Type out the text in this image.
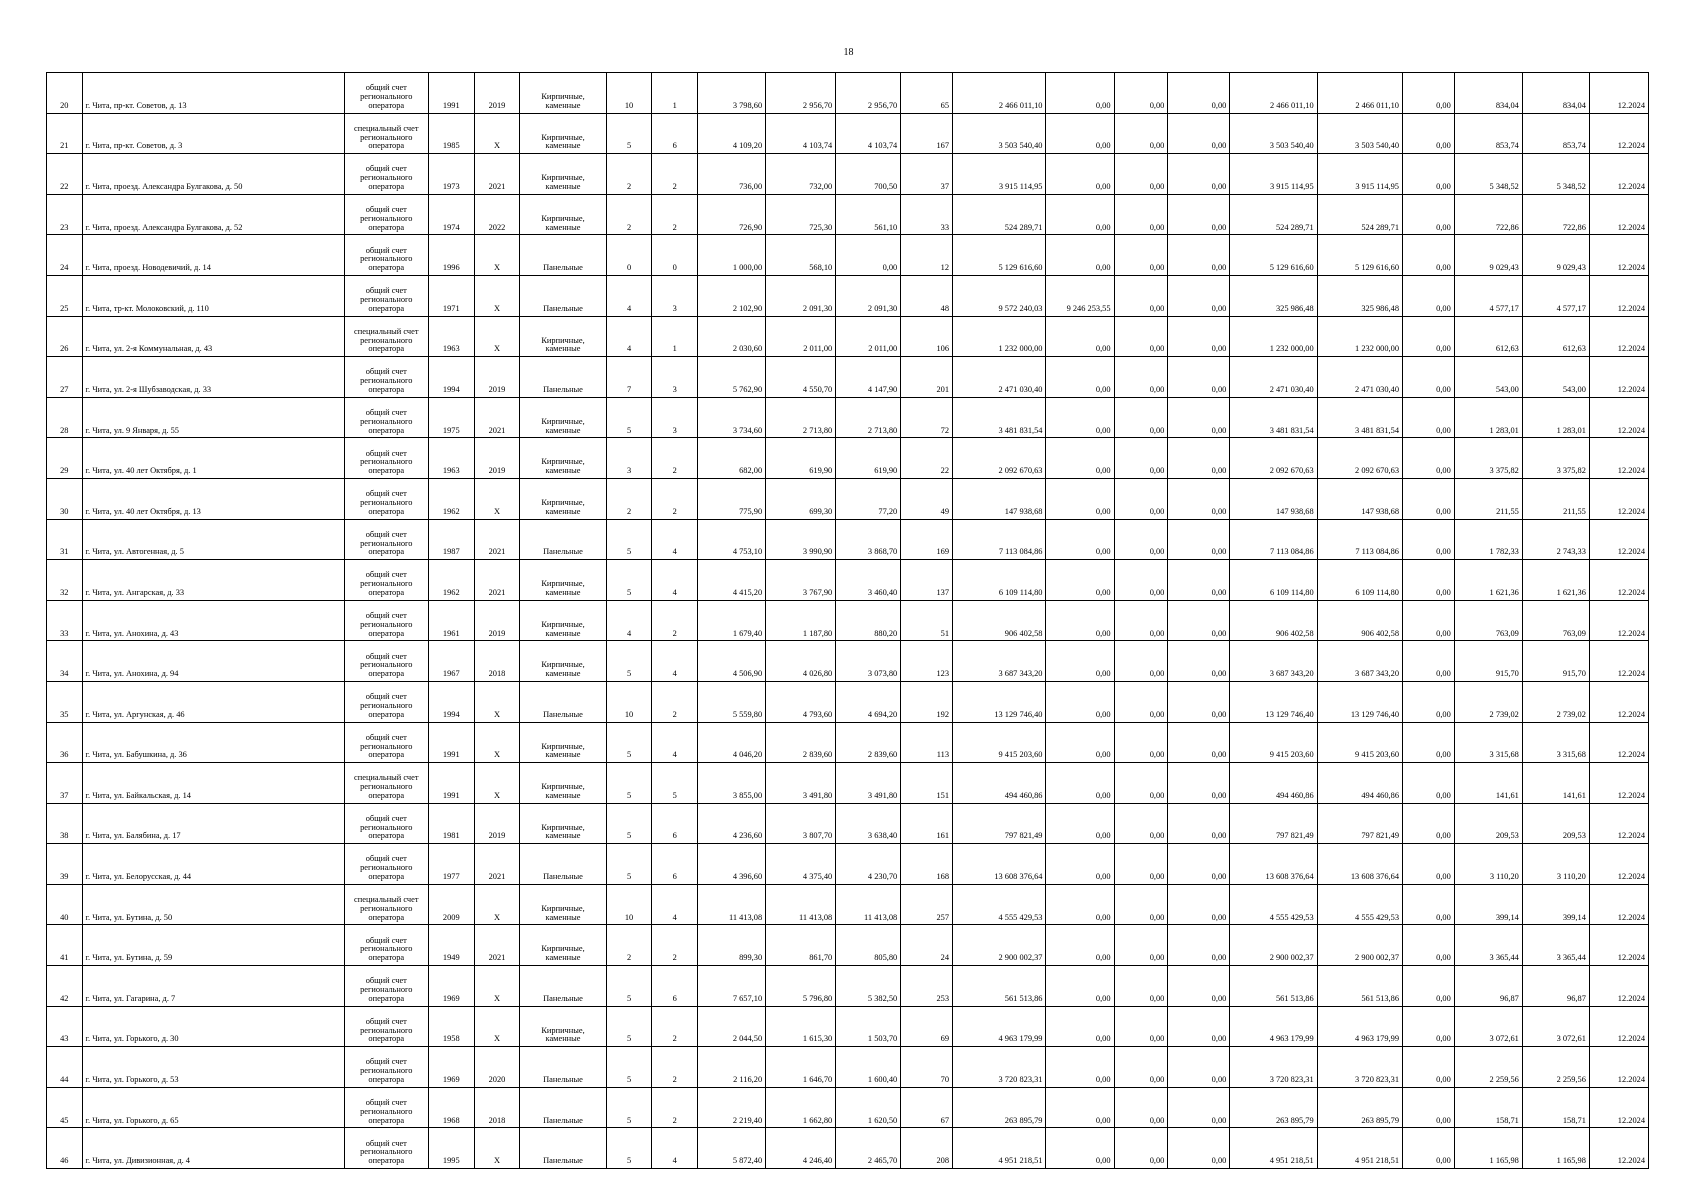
18
20	г. Чита, пр-кт. Советов, д. 13	общий счет
регионального
оператора	1991	2019	Кирпичные,
каменные	10	1	3 798,60	2 956,70	2 956,70	65	2 466 011,10	0,00	0,00	0,00	2 466 011,10	2 466 011,10	0,00	834,04	834,04	12.2024
21	г. Чита, пр-кт. Советов, д. 3	специальный счет
регионального
оператора	1985	Х	Кирпичные,
каменные	5	6	4 109,20	4 103,74	4 103,74	167	3 503 540,40	0,00	0,00	0,00	3 503 540,40	3 503 540,40	0,00	853,74	853,74	12.2024
22	г. Чита, проезд. Александра Булгакова, д. 50	общий счет
регионального
оператора	1973	2021	Кирпичные,
каменные	2	2	736,00	732,00	700,50	37	3 915 114,95	0,00	0,00	0,00	3 915 114,95	3 915 114,95	0,00	5 348,52	5 348,52	12.2024
23	г. Чита, проезд. Александра Булгакова, д. 52	общий счет
регионального
оператора	1974	2022	Кирпичные,
каменные	2	2	726,90	725,30	561,10	33	524 289,71	0,00	0,00	0,00	524 289,71	524 289,71	0,00	722,86	722,86	12.2024
24	г. Чита, проезд. Новодевичий, д. 14	общий счет
регионального
оператора	1996	Х	Панельные	0	0	1 000,00	568,10	0,00	12	5 129 616,60	0,00	0,00	0,00	5 129 616,60	5 129 616,60	0,00	9 029,43	9 029,43	12.2024
25	г. Чита, тр-кт. Молоковский, д. 110	общий счет
регионального
оператора	1971	Х	Панельные	4	3	2 102,90	2 091,30	2 091,30	48	9 572 240,03	9 246 253,55	0,00	0,00	325 986,48	325 986,48	0,00	4 577,17	4 577,17	12.2024
26	г. Чита, ул. 2-я Коммунальная, д. 43	специальный счет
регионального
оператора	1963	Х	Кирпичные,
каменные	4	1	2 030,60	2 011,00	2 011,00	106	1 232 000,00	0,00	0,00	0,00	1 232 000,00	1 232 000,00	0,00	612,63	612,63	12.2024
27	г. Чита, ул. 2-я Шубзаводская, д. 33	общий счет
регионального
оператора	1994	2019	Панельные	7	3	5 762,90	4 550,70	4 147,90	201	2 471 030,40	0,00	0,00	0,00	2 471 030,40	2 471 030,40	0,00	543,00	543,00	12.2024
28	г. Чита, ул. 9 Января, д. 55	общий счет
регионального
оператора	1975	2021	Кирпичные,
каменные	5	3	3 734,60	2 713,80	2 713,80	72	3 481 831,54	0,00	0,00	0,00	3 481 831,54	3 481 831,54	0,00	1 283,01	1 283,01	12.2024
29	г. Чита, ул. 40 лет Октября, д. 1	общий счет
регионального
оператора	1963	2019	Кирпичные,
каменные	3	2	682,00	619,90	619,90	22	2 092 670,63	0,00	0,00	0,00	2 092 670,63	2 092 670,63	0,00	3 375,82	3 375,82	12.2024
30	г. Чита, ул. 40 лет Октября, д. 13	общий счет
регионального
оператора	1962	Х	Кирпичные,
каменные	2	2	775,90	699,30	77,20	49	147 938,68	0,00	0,00	0,00	147 938,68	147 938,68	0,00	211,55	211,55	12.2024
31	г. Чита, ул. Автогенная, д. 5	общий счет
регионального
оператора	1987	2021	Панельные	5	4	4 753,10	3 990,90	3 868,70	169	7 113 084,86	0,00	0,00	0,00	7 113 084,86	7 113 084,86	0,00	1 782,33	2 743,33	12.2024
32	г. Чита, ул. Ангарская, д. 33	общий счет
регионального
оператора	1962	2021	Кирпичные,
каменные	5	4	4 415,20	3 767,90	3 460,40	137	6 109 114,80	0,00	0,00	0,00	6 109 114,80	6 109 114,80	0,00	1 621,36	1 621,36	12.2024
33	г. Чита, ул. Анохина, д. 43	общий счет
регионального
оператора	1961	2019	Кирпичные,
каменные	4	2	1 679,40	1 187,80	880,20	51	906 402,58	0,00	0,00	0,00	906 402,58	906 402,58	0,00	763,09	763,09	12.2024
34	г. Чита, ул. Анохина, д. 94	общий счет
регионального
оператора	1967	2018	Кирпичные,
каменные	5	4	4 506,90	4 026,80	3 073,80	123	3 687 343,20	0,00	0,00	0,00	3 687 343,20	3 687 343,20	0,00	915,70	915,70	12.2024
35	г. Чита, ул. Аргунская, д. 46	общий счет
регионального
оператора	1994	Х	Панельные	10	2	5 559,80	4 793,60	4 694,20	192	13 129 746,40	0,00	0,00	0,00	13 129 746,40	13 129 746,40	0,00	2 739,02	2 739,02	12.2024
36	г. Чита, ул. Бабушкина, д. 36	общий счет
регионального
оператора	1991	Х	Кирпичные,
каменные	5	4	4 046,20	2 839,60	2 839,60	113	9 415 203,60	0,00	0,00	0,00	9 415 203,60	9 415 203,60	0,00	3 315,68	3 315,68	12.2024
37	г. Чита, ул. Байкальская, д. 14	специальный счет
регионального
оператора	1991	Х	Кирпичные,
каменные	5	5	3 855,00	3 491,80	3 491,80	151	494 460,86	0,00	0,00	0,00	494 460,86	494 460,86	0,00	141,61	141,61	12.2024
38	г. Чита, ул. Балябина, д. 17	общий счет
регионального
оператора	1981	2019	Кирпичные,
каменные	5	6	4 236,60	3 807,70	3 638,40	161	797 821,49	0,00	0,00	0,00	797 821,49	797 821,49	0,00	209,53	209,53	12.2024
39	г. Чита, ул. Белорусская, д. 44	общий счет
регионального
оператора	1977	2021	Панельные	5	6	4 396,60	4 375,40	4 230,70	168	13 608 376,64	0,00	0,00	0,00	13 608 376,64	13 608 376,64	0,00	3 110,20	3 110,20	12.2024
40	г. Чита, ул. Бутина, д. 50	специальный счет
регионального
оператора	2009	Х	Кирпичные,
каменные	10	4	11 413,08	11 413,08	11 413,08	257	4 555 429,53	0,00	0,00	0,00	4 555 429,53	4 555 429,53	0,00	399,14	399,14	12.2024
41	г. Чита, ул. Бутина, д. 59	общий счет
регионального
оператора	1949	2021	Кирпичные,
каменные	2	2	899,30	861,70	805,80	24	2 900 002,37	0,00	0,00	0,00	2 900 002,37	2 900 002,37	0,00	3 365,44	3 365,44	12.2024
42	г. Чита, ул. Гагарина, д. 7	общий счет
регионального
оператора	1969	Х	Панельные	5	6	7 657,10	5 796,80	5 382,50	253	561 513,86	0,00	0,00	0,00	561 513,86	561 513,86	0,00	96,87	96,87	12.2024
43	г. Чита, ул. Горького, д. 30	общий счет
регионального
оператора	1958	Х	Кирпичные,
каменные	5	2	2 044,50	1 615,30	1 503,70	69	4 963 179,99	0,00	0,00	0,00	4 963 179,99	4 963 179,99	0,00	3 072,61	3 072,61	12.2024
44	г. Чита, ул. Горького, д. 53	общий счет
регионального
оператора	1969	2020	Панельные	5	2	2 116,20	1 646,70	1 600,40	70	3 720 823,31	0,00	0,00	0,00	3 720 823,31	3 720 823,31	0,00	2 259,56	2 259,56	12.2024
45	г. Чита, ул. Горького, д. 65	общий счет
регионального
оператора	1968	2018	Панельные	5	2	2 219,40	1 662,80	1 620,50	67	263 895,79	0,00	0,00	0,00	263 895,79	263 895,79	0,00	158,71	158,71	12.2024
46	г. Чита, ул. Дивизионная, д. 4	общий счет
регионального
оператора	1995	Х	Панельные	5	4	5 872,40	4 246,40	2 465,70	208	4 951 218,51	0,00	0,00	0,00	4 951 218,51	4 951 218,51	0,00	1 165,98	1 165,98	12.2024
